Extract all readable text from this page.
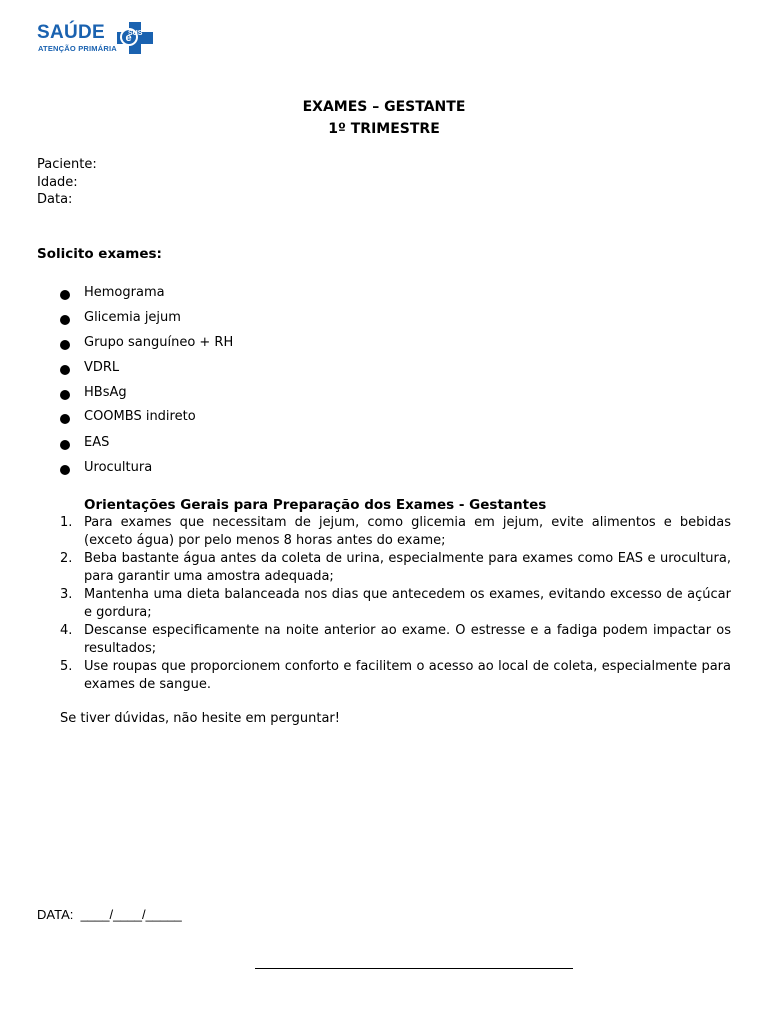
SAÚDE
ATENÇÃO PRIMÁRIA
e
SUS
EXAMES – GESTANTE
1º TRIMESTRE
Paciente:
Idade:
Data:
Solicito exames:
Hemograma
Glicemia jejum
Grupo sanguíneo + RH
VDRL
HBsAg
COOMBS indireto
EAS
Urocultura
Orientações Gerais para Preparação dos Exames - Gestantes
1. Para exames que necessitam de jejum, como glicemia em jejum, evite alimentos e bebidas (exceto água) por pelo menos 8 horas antes do exame;
2. Beba bastante água antes da coleta de urina, especialmente para exames como EAS e urocultura, para garantir uma amostra adequada;
3. Mantenha uma dieta balanceada nos dias que antecedem os exames, evitando excesso de açúcar e gordura;
4. Descanse especificamente na noite anterior ao exame. O estresse e a fadiga podem impactar os resultados;
5. Use roupas que proporcionem conforto e facilitem o acesso ao local de coleta, especialmente para exames de sangue.
Se tiver dúvidas, não hesite em perguntar!
DATA:  ____/____/_____
